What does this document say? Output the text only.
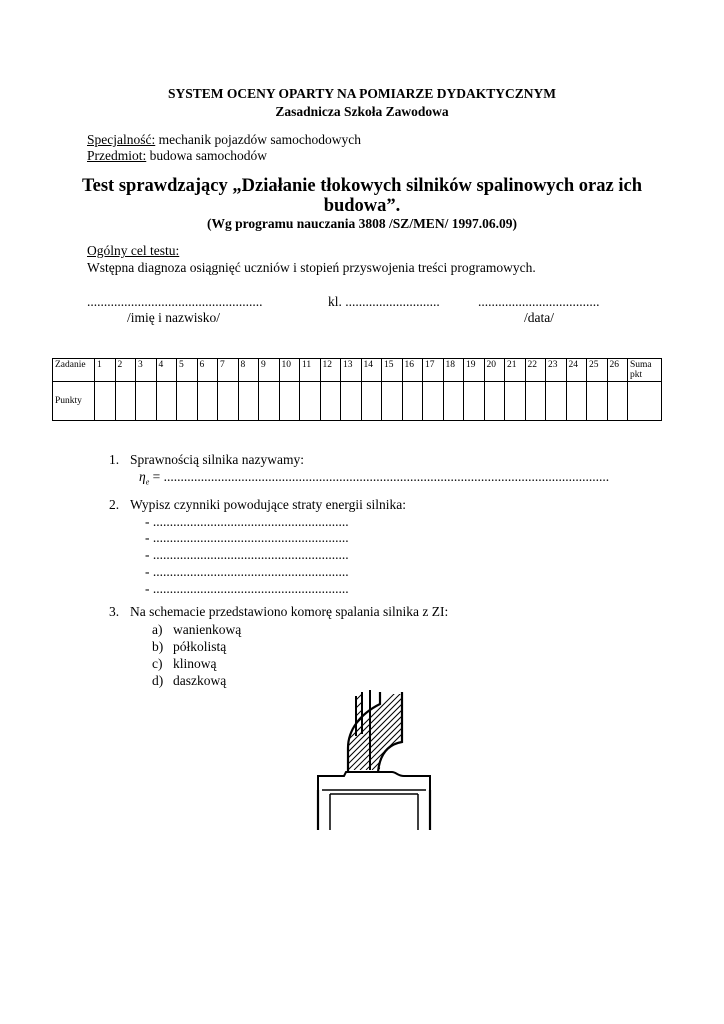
SYSTEM OCENY OPARTY NA POMIARZE DYDAKTYCZNYM
Zasadnicza Szkoła Zawodowa
Specjalność: mechanik pojazdów samochodowych
Przedmiot: budowa samochodów
Test sprawdzający „Działanie tłokowych silników spalinowych oraz ich budowa”.
(Wg programu nauczania 3808 /SZ/MEN/ 1997.06.09)
Ogólny cel testu:
Wstępna diagnoza osiągnięć uczniów i stopień przyswojenia treści programowych.
....................................................	kl. ............................	....................................
/imię i nazwisko/	/data/
Zadanie	1	2	3	4	5	6	7	8	9	10	11	12	13	14	15	16	17	18	19	20	21	22	23	24	25	26	Suma pkt
Punkty																											
1. Sprawnością silnika nazywamy:
$\eta_e$ = ....................................................................................................................................
2. Wypisz czynniki powodujące straty energii silnika:
- ..........................................................
- ..........................................................
- ..........................................................
- ..........................................................
- ..........................................................
3. Na schemacie przedstawiono komorę spalania silnika z ZI:
a) wanienkową
b) półkolistą
c) klinową
d) daszkową
